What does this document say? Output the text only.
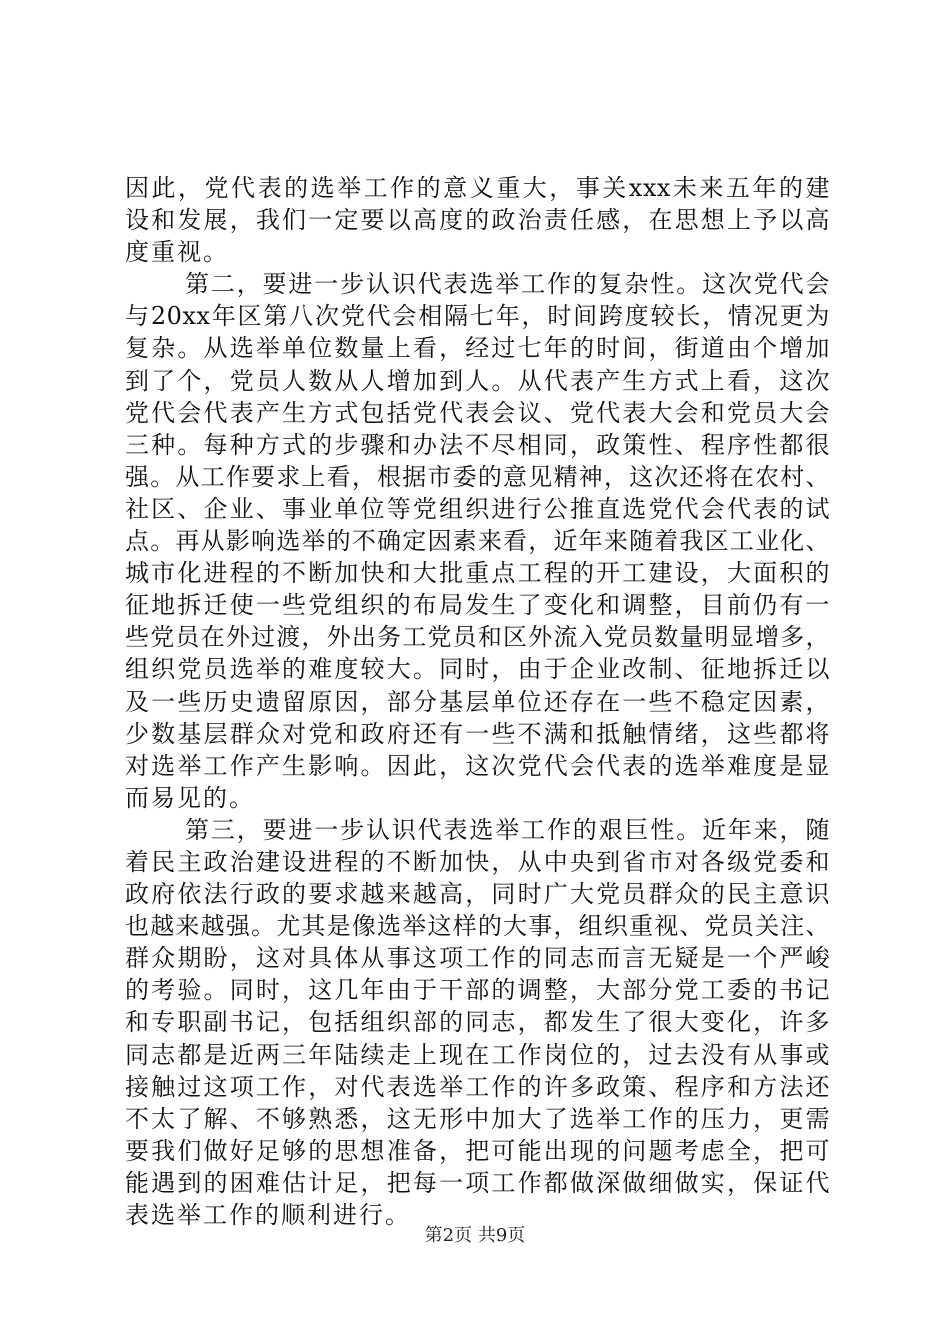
因此，党代表的选举工作的意义重大，事关xxx未来五年的建
设和发展，我们一定要以高度的政治责任感，在思想上予以高
度重视。
第二，要进一步认识代表选举工作的复杂性。这次党代会
与20xx年区第八次党代会相隔七年，时间跨度较长，情况更为
复杂。从选举单位数量上看，经过七年的时间，街道由个增加
到了个，党员人数从人增加到人。从代表产生方式上看，这次
党代会代表产生方式包括党代表会议、党代表大会和党员大会
三种。每种方式的步骤和办法不尽相同，政策性、程序性都很
强。从工作要求上看，根据市委的意见精神，这次还将在农村、
社区、企业、事业单位等党组织进行公推直选党代会代表的试
点。再从影响选举的不确定因素来看，近年来随着我区工业化、
城市化进程的不断加快和大批重点工程的开工建设，大面积的
征地拆迁使一些党组织的布局发生了变化和调整，目前仍有一
些党员在外过渡，外出务工党员和区外流入党员数量明显增多，
组织党员选举的难度较大。同时，由于企业改制、征地拆迁以
及一些历史遗留原因，部分基层单位还存在一些不稳定因素，
少数基层群众对党和政府还有一些不满和抵触情绪，这些都将
对选举工作产生影响。因此，这次党代会代表的选举难度是显
而易见的。
第三，要进一步认识代表选举工作的艰巨性。近年来，随
着民主政治建设进程的不断加快，从中央到省市对各级党委和
政府依法行政的要求越来越高，同时广大党员群众的民主意识
也越来越强。尤其是像选举这样的大事，组织重视、党员关注、
群众期盼，这对具体从事这项工作的同志而言无疑是一个严峻
的考验。同时，这几年由于干部的调整，大部分党工委的书记
和专职副书记，包括组织部的同志，都发生了很大变化，许多
同志都是近两三年陆续走上现在工作岗位的，过去没有从事或
接触过这项工作，对代表选举工作的许多政策、程序和方法还
不太了解、不够熟悉，这无形中加大了选举工作的压力，更需
要我们做好足够的思想准备，把可能出现的问题考虑全，把可
能遇到的困难估计足，把每一项工作都做深做细做实，保证代
表选举工作的顺利进行。
第2页 共9页
